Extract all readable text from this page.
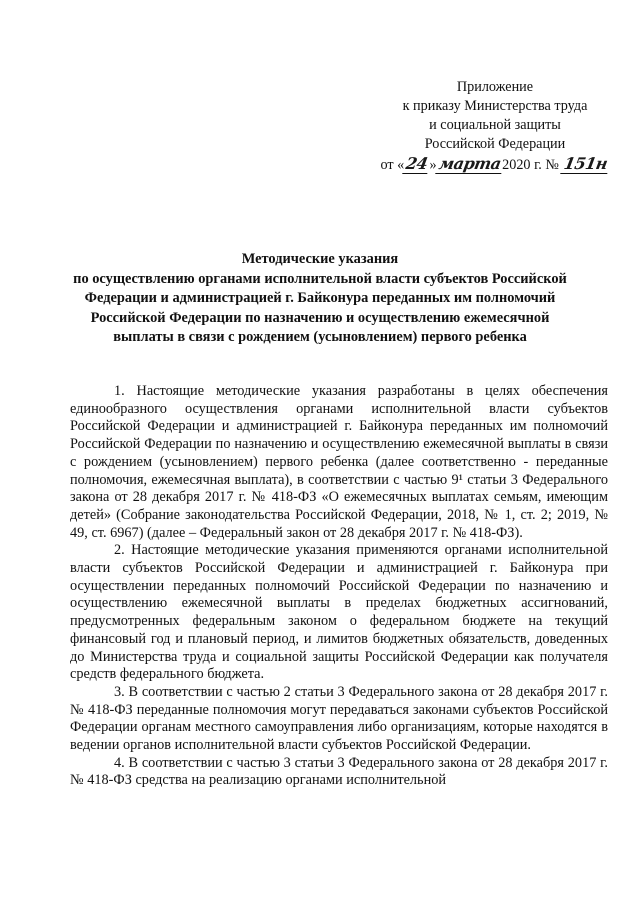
Приложение
к приказу Министерства труда
и социальной защиты
Российской Федерации
от «24»марта2020 г. № 151н
Методические указания
по осуществлению органами исполнительной власти субъектов Российской
Федерации и администрацией г. Байконура переданных им полномочий
Российской Федерации по назначению и осуществлению ежемесячной
выплаты в связи с рождением (усыновлением) первого ребенка

1. Настоящие методические указания разработаны в целях обеспечения единообразного осуществления органами исполнительной власти субъектов Российской Федерации и администрацией г. Байконура переданных им полномочий Российской Федерации по назначению и осуществлению ежемесячной выплаты в связи с рождением (усыновлением) первого ребенка (далее соответственно - переданные полномочия, ежемесячная выплата), в соответствии с частью 9¹ статьи 3 Федерального закона от 28 декабря 2017 г. № 418-ФЗ «О ежемесячных выплатах семьям, имеющим детей» (Собрание законодательства Российской Федерации, 2018, № 1, ст. 2; 2019, № 49, ст. 6967) (далее – Федеральный закон от 28 декабря 2017 г. № 418-ФЗ).

2. Настоящие методические указания применяются органами исполнительной власти субъектов Российской Федерации и администрацией г. Байконура при осуществлении переданных полномочий Российской Федерации по назначению и осуществлению ежемесячной выплаты в пределах бюджетных ассигнований, предусмотренных федеральным законом о федеральном бюджете на текущий финансовый год и плановый период, и лимитов бюджетных обязательств, доведенных до Министерства труда и социальной защиты Российской Федерации как получателя средств федерального бюджета.

3. В соответствии с частью 2 статьи 3 Федерального закона от 28 декабря 2017 г. № 418-ФЗ переданные полномочия могут передаваться законами субъектов Российской Федерации органам местного самоуправления либо организациям, которые находятся в ведении органов исполнительной власти субъектов Российской Федерации.

4. В соответствии с частью 3 статьи 3 Федерального закона от 28 декабря 2017 г. № 418-ФЗ средства на реализацию органами исполнительной
